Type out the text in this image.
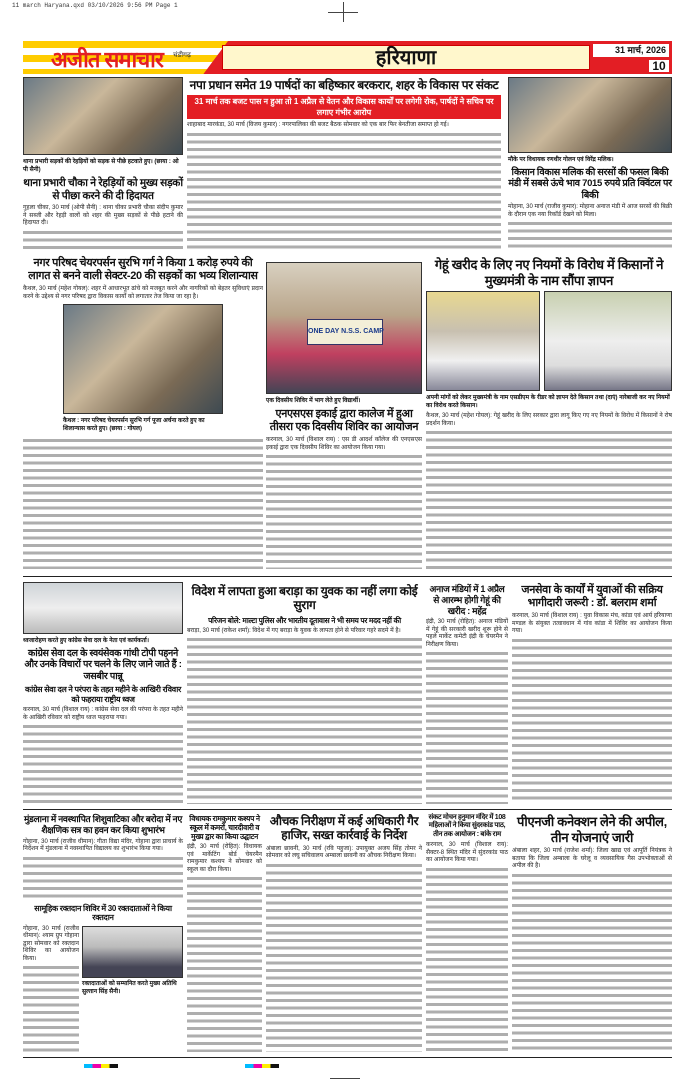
11 march Haryana.qxd 03/10/2026 9:56 PM Page 1
अजीत समाचार चंडीगढ़	हरियाणा	31 मार्च, 2026
10
थाना प्रभारी सड़कों की रेहड़ियों को सड़क से पीछे हटवाते हुए। (छाया : ओ पी सैनी)
थाना प्रभारी चौका ने रेहड़ियों को मुख्य सड़कों से पीछा करने की दी हिदायत
गुहला चीका, 30 मार्च (ओपी सैनी) : थाना चीका प्रभारी चौका संदीप कुमार ने सब्जी और रेहड़ी वालों को शहर की मुख्य सड़कों से पीछे हटाने की हिदायत दी।
नपा प्रधान समेत 19 पार्षदों का बहिष्कार बरकरार, शहर के विकास पर संकट
31 मार्च तक बजट पास न हुआ तो 1 अप्रैल से वेतन और विकास कार्यों पर लगेगी रोक, पार्षदों ने सचिव पर लगाए गंभीर आरोप
शाहाबाद मारकंडा, 30 मार्च (विजय कुमार) : नगरपालिका की बजट बैठक सोमवार को एक बार फिर बेनतीजा समाप्त हो गई।
मौके पर विधायक रणधीर गोलन एवं विरेंद्र मलिक।
किसान विकास मलिक की सरसों की फसल बिकी मंडी में सबसे ऊंचे भाव 7015 रुपये प्रति क्विंटल पर बिकी
मोहाना, 30 मार्च (राजीव कुमार): मोहाना अनाज मंडी में आज सरसों की बिक्री के दौरान एक नया रिकॉर्ड देखने को मिला।
नगर परिषद चेयरपर्सन सुरभि गर्ग ने किया 1 करोड़ रुपये की लागत से बनने वाली सेक्टर-20 की सड़कों का भव्य शिलान्यास
कैथल, 30 मार्च (महेश गोयल): शहर में आधारभूत ढांचे को मजबूत करने और नागरिकों को बेहतर सुविधाएं प्रदान करने के उद्देश्य से नगर परिषद द्वारा विकास कार्यों को लगातार तेज किया जा रहा है।
कैथल : नगर परिषद चेयरपर्सन सुरभि गर्ग पूजा अर्चना करते हुए का शिलान्यास करते हुए। (छाया : गोयल)
ONE DAY N.S.S. CAMP
एक दिवसीय शिविर में भाग लेते हुए विद्यार्थी।
एनएसएस इकाई द्वारा कालेज में हुआ तीसरा एक दिवसीय शिविर का आयोजन
करनाल, 30 मार्च (विशाल राय) : एस डी आदर्श कॉलेज की एनएसएस इकाई द्वारा एक दिवसीय शिविर का आयोजन किया गया।
गेहूं खरीद के लिए नए नियमों के विरोध में किसानों ने मुख्यमंत्री के नाम सौंपा ज्ञापन
अपनी मांगों को लेकर मुख्यमंत्री के नाम एसडीएम के रीडर को ज्ञापन देते किसान तथा (दाएं) नारेबाजी कर नए नियमों का विरोध करते किसान।
कैथल, 30 मार्च (महेश गोयल): गेहूं खरीद के लिए सरकार द्वारा लागू किए गए नए नियमों के विरोध में किसानों ने रोष प्रदर्शन किया।
ध्वजारोहण करते हुए कांग्रेस सेवा दल के नेता एवं कार्यकर्ता।
कांग्रेस सेवा दल के स्वयंसेवक गांधी टोपी पहनने और उनके विचारों पर चलने के लिए जाने जाते हैं : जसबीर पान्नू
कांग्रेस सेवा दल ने परंपरा के तहत महीने के आखिरी रविवार को फहराया राष्ट्रीय ध्वज
करनाल, 30 मार्च (विशाल राय) : कांग्रेस सेवा दल की परंपरा के तहत महीने के आखिरी रविवार को राष्ट्रीय ध्वज फहराया गया।
विदेश में लापता हुआ बराड़ा का युवक का नहीं लगा कोई सुराग
परिजन बोले: माल्टा पुलिस और भारतीय दूतावास ने भी समय पर मदद नहीं की
बराड़ा, 30 मार्च (राकेश शर्मा): विदेश में गए बराड़ा के युवक के लापता होने से परिवार गहरे सदमे में है।
अनाज मंडियों में 1 अप्रैल से आरम्भ होगी गेहूं की खरीद : महेंद्र
इंद्री, 30 मार्च (रोहित): अनाज मंडियों में गेहूं की सरकारी खरीद शुरू होने से पहले मार्केट कमेटी इंद्री के चेयरमैन ने निरीक्षण किया।
जनसेवा के कार्यों में युवाओं की सक्रिय भागीदारी जरूरी : डॉ. बलराम शर्मा
करनाल, 30 मार्च (विशाल राय) : युवा विकास मंच, कांडा एवं आर्य हरियाणा मण्डल के संयुक्त तत्वावधान में गांव कांडा में शिविर का आयोजन किया गया।
मुंडलाना में नवस्थापित शिशुवाटिका और बरोदा में नए शैक्षणिक सत्र का हवन कर किया शुभारंभ
गोहाना, 30 मार्च (राजीव धीमान): गीता विद्या मंदिर, गोहाना द्वारा प्राचार्य के निर्देशन में मुंडलाना में नवस्थापित विद्यालय का शुभारंभ किया गया।
सामूहिक रक्तदान शिविर में 30 रक्तदाताओं ने किया रक्तदान
गोहाना, 30 मार्च (राजीव धीमान): श्याम ग्रुप गोहाना द्वारा सोमवार को रक्तदान शिविर का आयोजन किया।
रक्तदाताओं को सम्मानित करते मुख्य अतिथि सुल्तान सिंह सैनी।
विधायक रामकुमार कश्यप ने स्कूल में कमरों, चारदीवारी व मुख्य द्वार का किया उद्घाटन
इंद्री, 30 मार्च (रोहित): विधायक एवं मार्केटिंग बोर्ड चेयरमैन रामकुमार कश्यप ने सोमवार को स्कूल का दौरा किया।
औचक निरीक्षण में कई अधिकारी गैर हाजिर, सख्त कार्रवाई के निर्देश
अंबाला छावनी, 30 मार्च (रवि पहुजा): उपायुक्त अजय सिंह तोमर ने सोमवार को लघु सचिवालय अम्बाला छावनी का औचक निरीक्षण किया।
संकट मोचन हनुमान मंदिर में 108 महिलाओं ने किया सुंदरकांड पाठ, तीन तक आयोजन : बांके राम
करनाल, 30 मार्च (विशाल राय): सैक्टर-8 स्थित मंदिर में सुंदरकांड पाठ का आयोजन किया गया।
पीएनजी कनेक्शन लेने की अपील, तीन योजनाएं जारी
अंबाला शहर, 30 मार्च (राजेश शर्मा): जिला खाद्य एवं आपूर्ति नियंत्रक ने बताया कि जिला अम्बाला के घरेलू व व्यवसायिक गैस उपभोक्ताओं से अपील की है।
